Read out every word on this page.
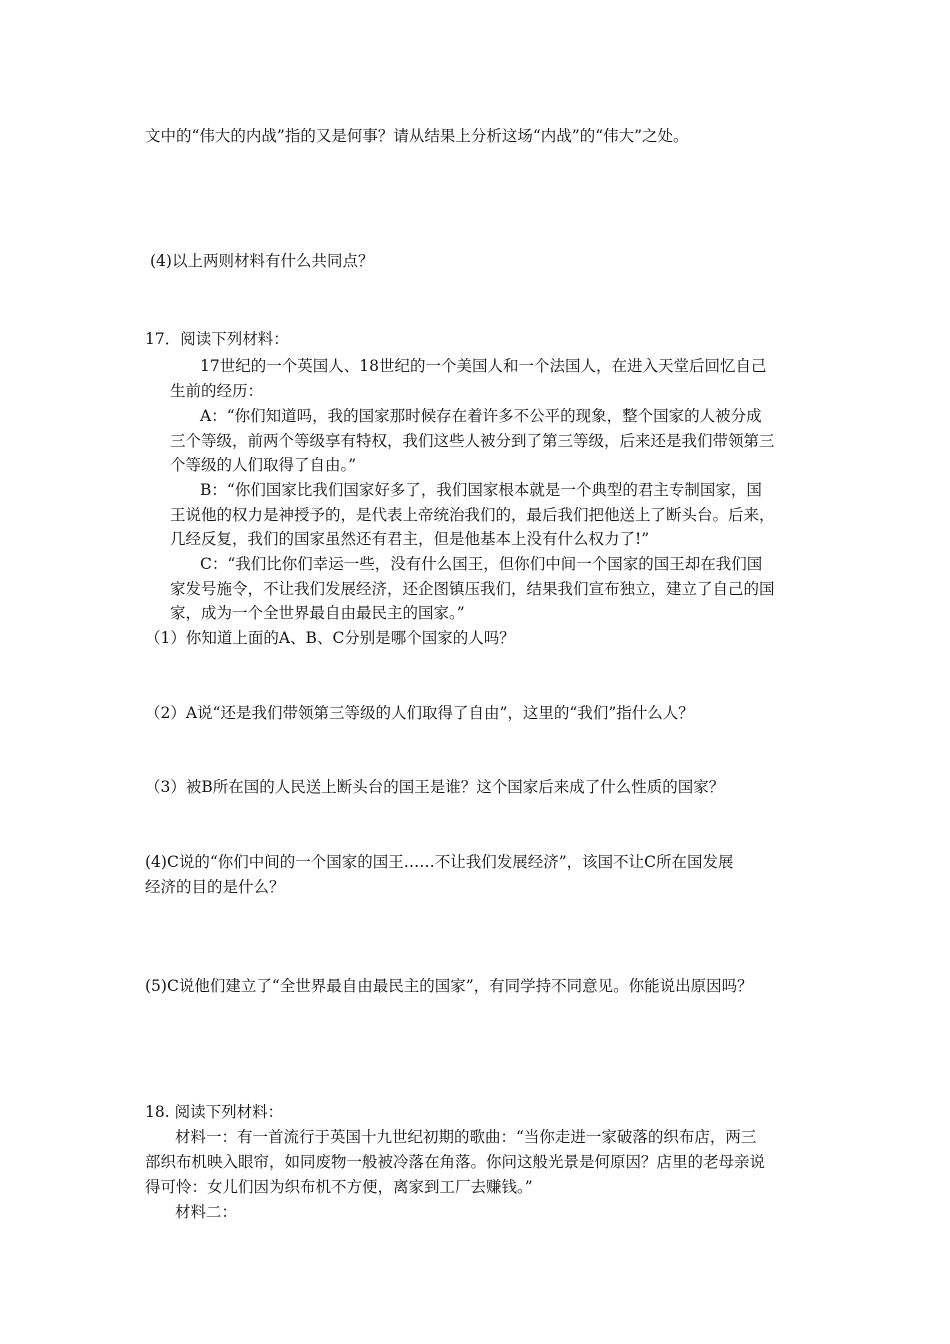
文中的“伟大的内战”指的又是何事？请从结果上分析这场“内战”的“伟大”之处。
(4)以上两则材料有什么共同点？
17．阅读下列材料：
17世纪的一个英国人、18世纪的一个美国人和一个法国人，在进入天堂后回忆自己
生前的经历：
A：“你们知道吗，我的国家那时候存在着许多不公平的现象，整个国家的人被分成
三个等级，前两个等级享有特权，我们这些人被分到了第三等级，后来还是我们带领第三
个等级的人们取得了自由。”
B：“你们国家比我们国家好多了，我们国家根本就是一个典型的君主专制国家，国
王说他的权力是神授予的，是代表上帝统治我们的，最后我们把他送上了断头台。后来，
几经反复，我们的国家虽然还有君主，但是他基本上没有什么权力了!”
C：“我们比你们幸运一些，没有什么国王，但你们中间一个国家的国王却在我们国
家发号施令，不让我们发展经济，还企图镇压我们，结果我们宣布独立，建立了自己的国
家，成为一个全世界最自由最民主的国家。”
（1）你知道上面的A、B、C分别是哪个国家的人吗？
（2）A说“还是我们带领第三等级的人们取得了自由”，这里的“我们”指什么人？
（3）被B所在国的人民送上断头台的国王是谁？这个国家后来成了什么性质的国家？
(4)C说的“你们中间的一个国家的国王……不让我们发展经济”，该国不让C所在国发展
经济的目的是什么？
(5)C说他们建立了“全世界最自由最民主的国家”，有同学持不同意见。你能说出原因吗？
18. 阅读下列材料：
材料一：有一首流行于英国十九世纪初期的歌曲：“当你走进一家破落的织布店，两三
部织布机映入眼帘，如同废物一般被冷落在角落。你问这般光景是何原因？店里的老母亲说
得可怜：女儿们因为织布机不方便，离家到工厂去赚钱。”
材料二：
